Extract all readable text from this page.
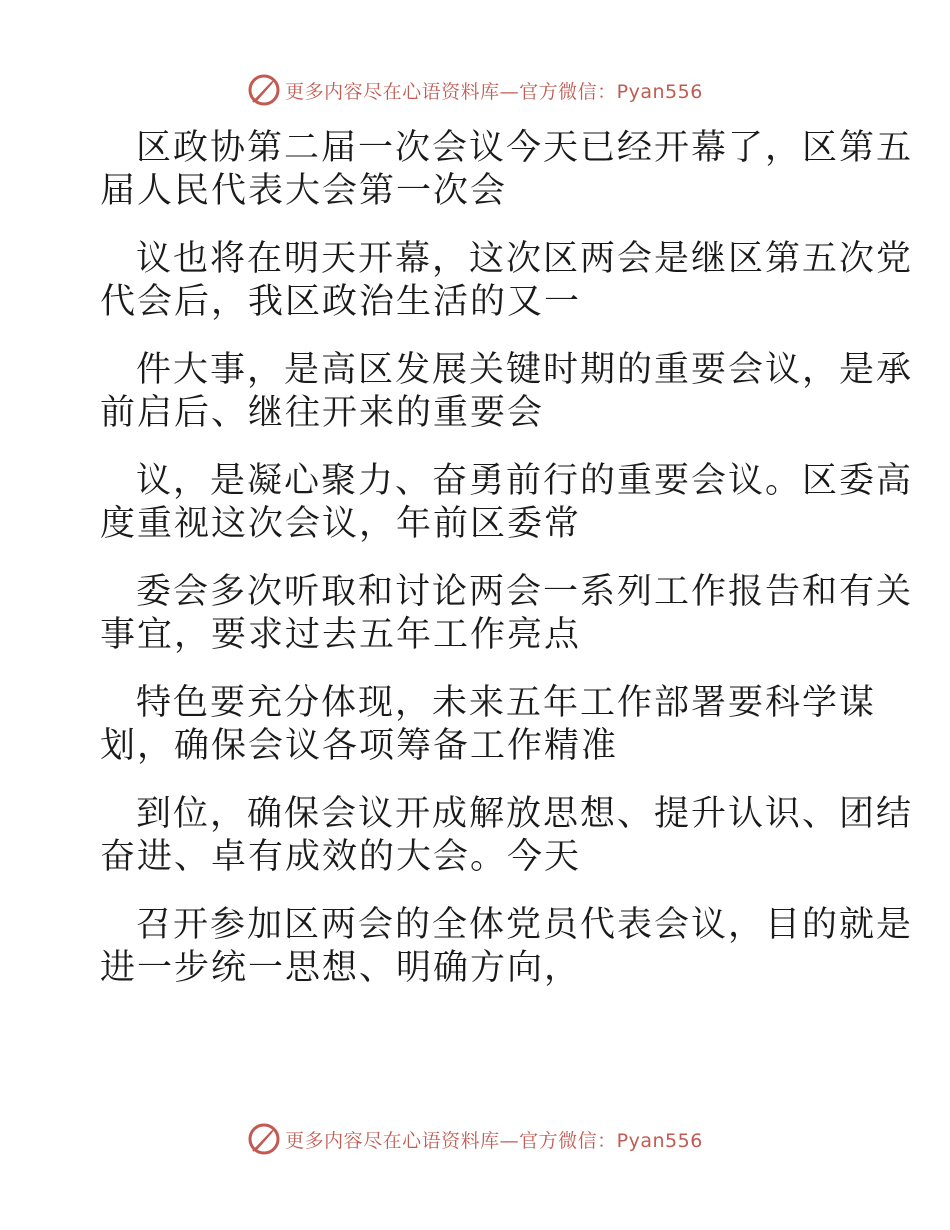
更多内容尽在心语资料库—官方微信：Pyan556
区政协第二届一次会议今天已经开幕了，区第五
届人民代表大会第一次会
议也将在明天开幕，这次区两会是继区第五次党
代会后，我区政治生活的又一
件大事，是高区发展关键时期的重要会议，是承
前启后、继往开来的重要会
议，是凝心聚力、奋勇前行的重要会议。区委高
度重视这次会议，年前区委常
委会多次听取和讨论两会一系列工作报告和有关
事宜，要求过去五年工作亮点
特色要充分体现，未来五年工作部署要科学谋
划，确保会议各项筹备工作精准
到位，确保会议开成解放思想、提升认识、团结
奋进、卓有成效的大会。今天
召开参加区两会的全体党员代表会议，目的就是
进一步统一思想、明确方向，
更多内容尽在心语资料库—官方微信：Pyan556
